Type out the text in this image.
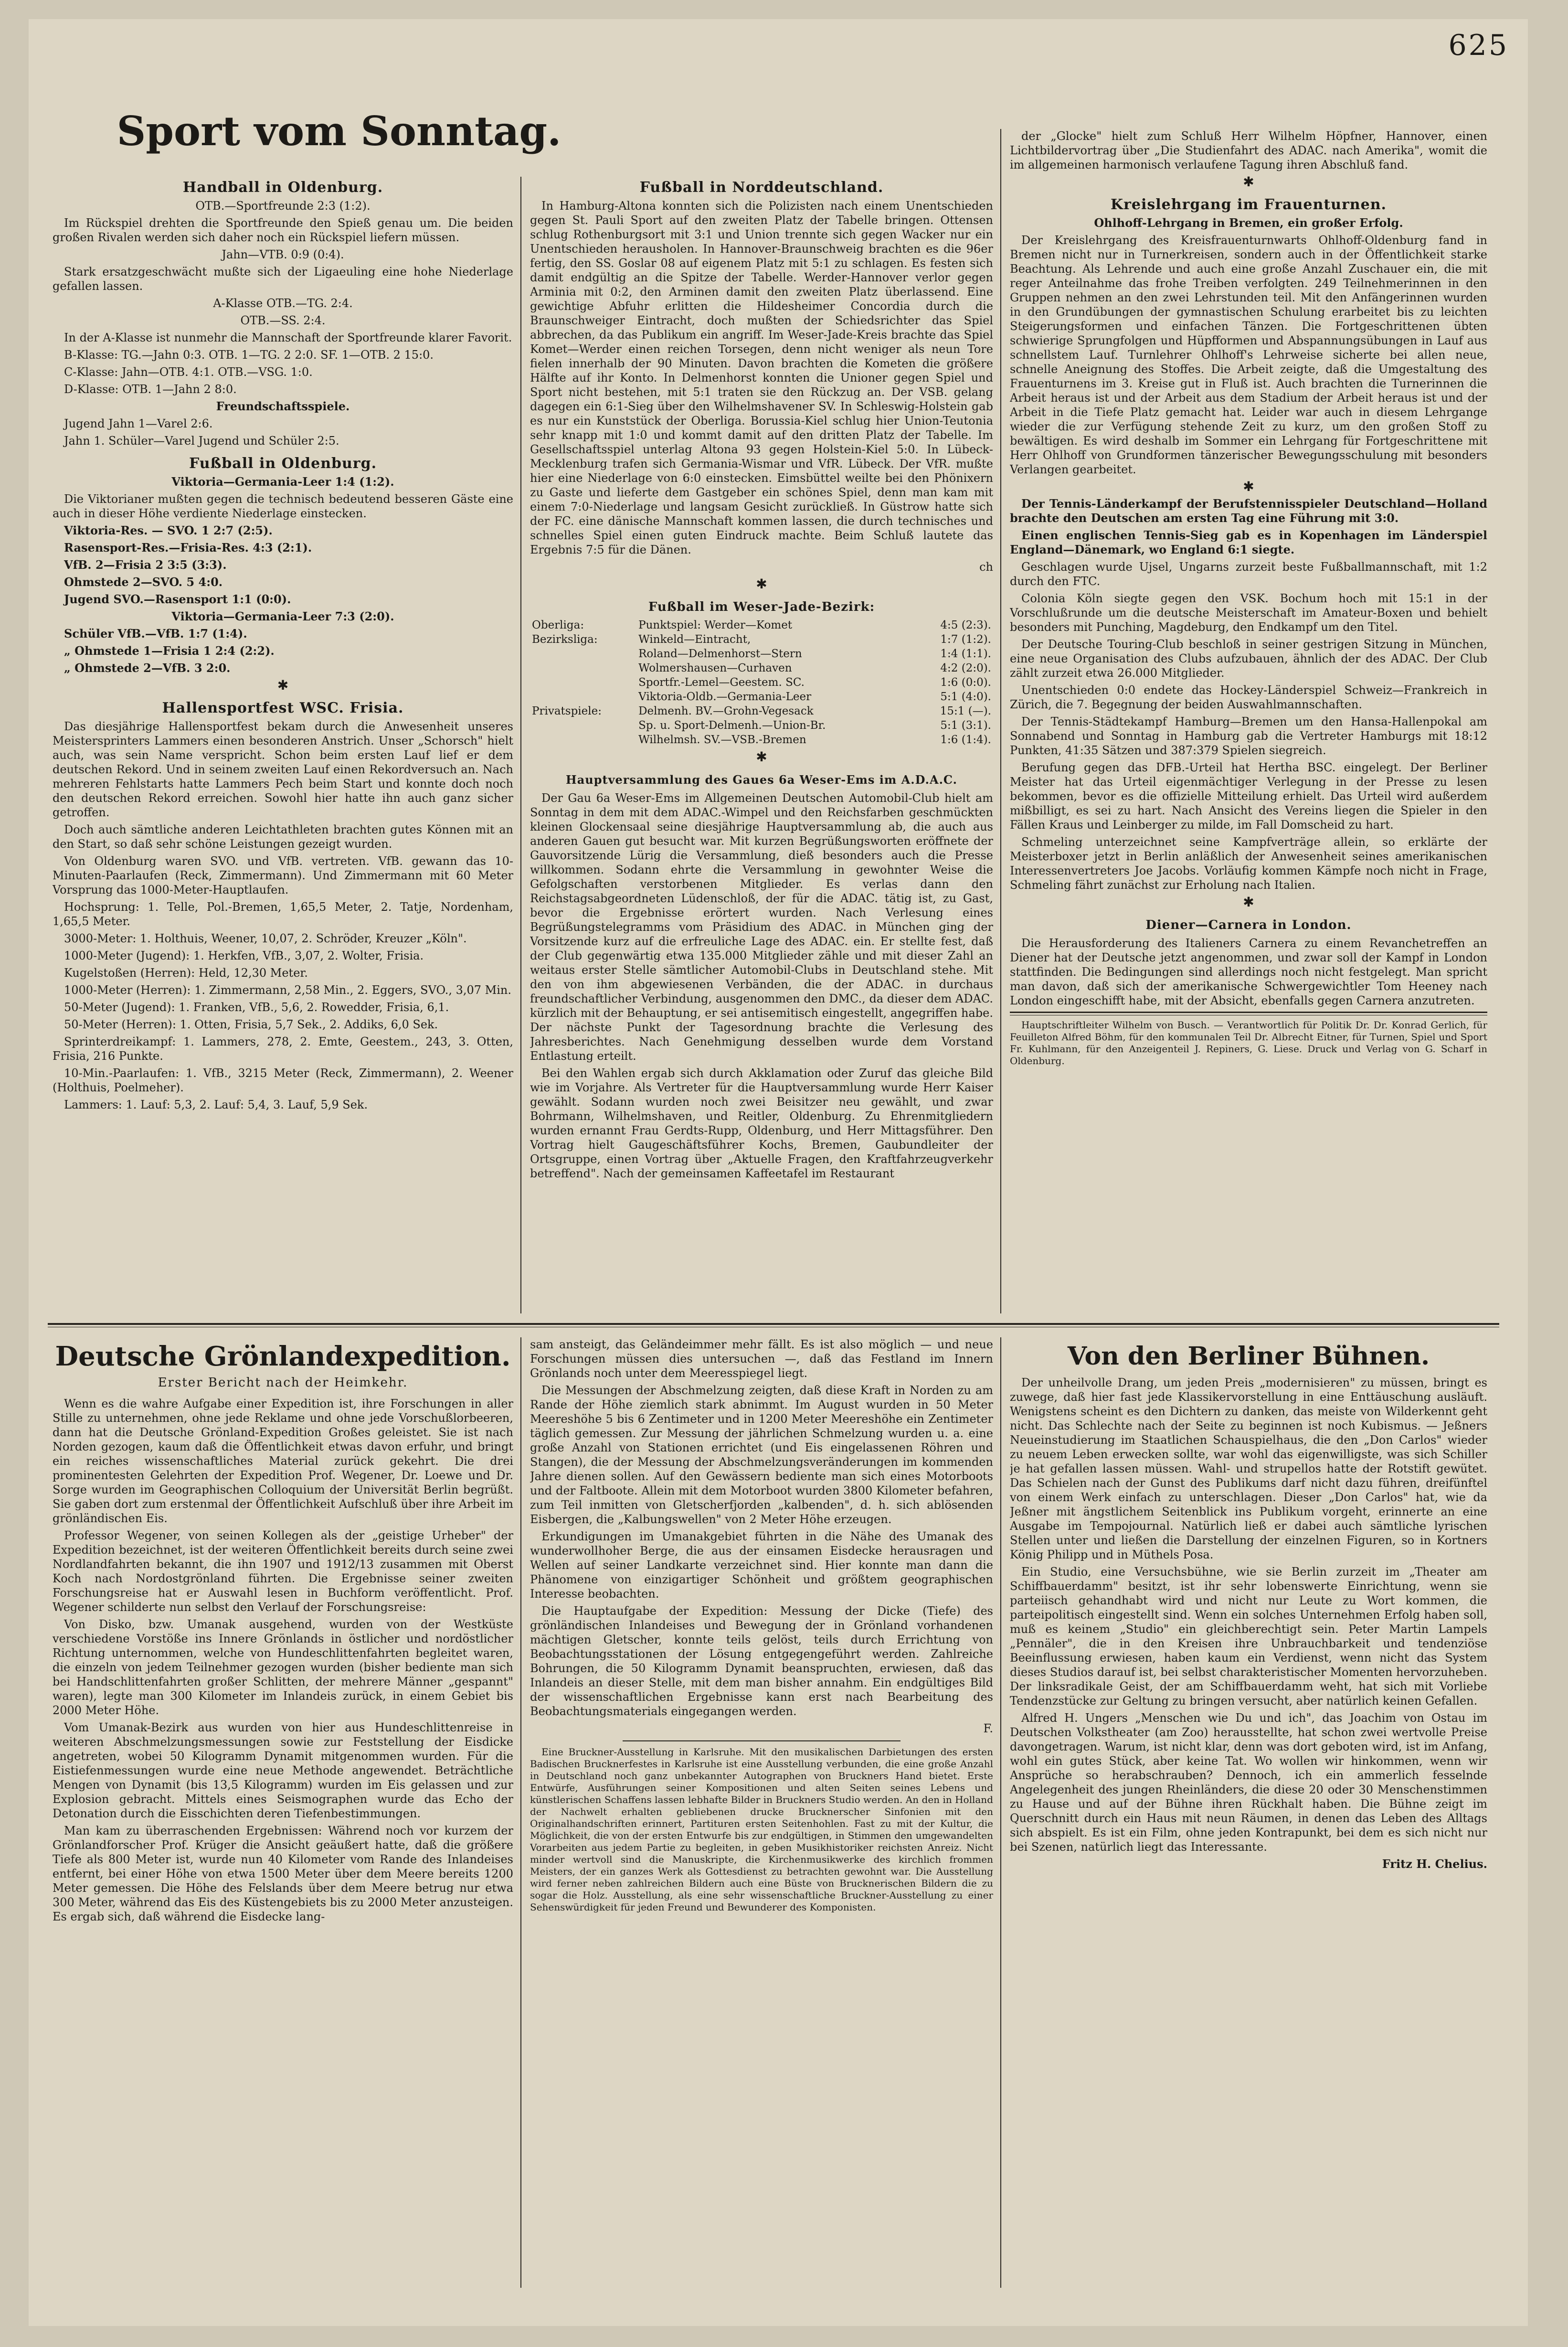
625
Sport vom Sonntag.
Handball in Oldenburg.

OTB.—Sportfreunde 2:3 (1:2).

Im Rückspiel drehten die Sportfreunde den Spieß genau um. Die beiden großen Rivalen werden sich daher noch ein Rückspiel liefern müssen.

Jahn—VTB. 0:9 (0:4).

Stark ersatzgeschwächt mußte sich der Ligaeuling eine hohe Niederlage gefallen lassen.

A-Klasse OTB.—TG. 2:4.

OTB.—SS. 2:4.

In der A-Klasse ist nunmehr die Mannschaft der Sportfreunde klarer Favorit.

B-Klasse: TG.—Jahn 0:3. OTB. 1—TG. 2 2:0. SF. 1—OTB. 2 15:0.

C-Klasse: Jahn—OTB. 4:1. OTB.—VSG. 1:0.

D-Klasse: OTB. 1—Jahn 2 8:0.

Freundschaftsspiele.

Jugend Jahn 1—Varel 2:6.

Jahn 1. Schüler—Varel Jugend und Schüler 2:5.

Fußball in Oldenburg.

Viktoria—Germania-Leer 1:4 (1:2).

Die Viktorianer mußten gegen die technisch bedeutend besseren Gäste eine auch in dieser Höhe verdiente Niederlage einstecken.

Viktoria-Res. — SVO. 1 2:7 (2:5).

Rasensport-Res.—Frisia-Res. 4:3 (2:1).

VfB. 2—Frisia 2 3:5 (3:3).

Ohmstede 2—SVO. 5 4:0.

Jugend SVO.—Rasensport 1:1 (0:0).

Viktoria—Germania-Leer 7:3 (2:0).

Schüler VfB.—VfB. 1:7 (1:4).

„ Ohmstede 1—Frisia 1 2:4 (2:2).

„ Ohmstede 2—VfB. 3 2:0.

✱
Hallensportfest WSC. Frisia.

Das diesjährige Hallensportfest bekam durch die Anwesenheit unseres Meistersprinters Lammers einen besonderen Anstrich. Unser „Schorsch" hielt auch, was sein Name verspricht. Schon beim ersten Lauf lief er dem deutschen Rekord. Und in seinem zweiten Lauf einen Rekordversuch an. Nach mehreren Fehlstarts hatte Lammers Pech beim Start und konnte doch noch den deutschen Rekord erreichen. Sowohl hier hatte ihn auch ganz sicher getroffen.

Doch auch sämtliche anderen Leichtathleten brachten gutes Können mit an den Start, so daß sehr schöne Leistungen gezeigt wurden.

Von Oldenburg waren SVO. und VfB. vertreten. VfB. gewann das 10-Minuten-Paarlaufen (Reck, Zimmermann). Und Zimmermann mit 60 Meter Vorsprung das 1000-Meter-Hauptlaufen.

Hochsprung: 1. Telle, Pol.-Bremen, 1,65,5 Meter, 2. Tatje, Nordenham, 1,65,5 Meter.

3000-Meter: 1. Holthuis, Weener, 10,07, 2. Schröder, Kreuzer „Köln".

1000-Meter (Jugend): 1. Herkfen, VfB., 3,07, 2. Wolter, Frisia.

Kugelstoßen (Herren): Held, 12,30 Meter.

1000-Meter (Herren): 1. Zimmermann, 2,58 Min., 2. Eggers, SVO., 3,07 Min.

50-Meter (Jugend): 1. Franken, VfB., 5,6, 2. Rowedder, Frisia, 6,1.

50-Meter (Herren): 1. Otten, Frisia, 5,7 Sek., 2. Addiks, 6,0 Sek.

Sprinterdreikampf: 1. Lammers, 278, 2. Emte, Geestem., 243, 3. Otten, Frisia, 216 Punkte.

10-Min.-Paarlaufen: 1. VfB., 3215 Meter (Reck, Zimmermann), 2. Weener (Holthuis, Poelmeher).

Lammers: 1. Lauf: 5,3, 2. Lauf: 5,4, 3. Lauf, 5,9 Sek.

Fußball in Norddeutschland.

In Hamburg-Altona konnten sich die Polizisten nach einem Unentschieden gegen St. Pauli Sport auf den zweiten Platz der Tabelle bringen. Ottensen schlug Rothenburgsort mit 3:1 und Union trennte sich gegen Wacker nur ein Unentschieden herausholen. In Hannover-Braunschweig brachten es die 96er fertig, den SS. Goslar 08 auf eigenem Platz mit 5:1 zu schlagen. Es festen sich damit endgültig an die Spitze der Tabelle. Werder-Hannover verlor gegen Arminia mit 0:2, den Arminen damit den zweiten Platz überlassend. Eine gewichtige Abfuhr erlitten die Hildesheimer Concordia durch die Braunschweiger Eintracht, doch mußten der Schiedsrichter das Spiel abbrechen, da das Publikum ein angriff. Im Weser-Jade-Kreis brachte das Spiel Komet—Werder einen reichen Torsegen, denn nicht weniger als neun Tore fielen innerhalb der 90 Minuten. Davon brachten die Kometen die größere Hälfte auf ihr Konto. In Delmenhorst konnten die Unioner gegen Spiel und Sport nicht bestehen, mit 5:1 traten sie den Rückzug an. Der VSB. gelang dagegen ein 6:1-Sieg über den Wilhelmshavener SV. In Schleswig-Holstein gab es nur ein Kunststück der Oberliga. Borussia-Kiel schlug hier Union-Teutonia sehr knapp mit 1:0 und kommt damit auf den dritten Platz der Tabelle. Im Gesellschaftsspiel unterlag Altona 93 gegen Holstein-Kiel 5:0. In Lübeck-Mecklenburg trafen sich Germania-Wismar und VfR. Lübeck. Der VfR. mußte hier eine Niederlage von 6:0 einstecken. Eimsbüttel weilte bei den Phönixern zu Gaste und lieferte dem Gastgeber ein schönes Spiel, denn man kam mit einem 7:0-Niederlage und langsam Gesicht zurückließ. In Güstrow hatte sich der FC. eine dänische Mannschaft kommen lassen, die durch technisches und schnelles Spiel einen guten Eindruck machte. Beim Schluß lautete das Ergebnis 7:5 für die Dänen.

ch

✱
Fußball im Weser-Jade-Bezirk:
Oberliga:	Punktspiel: Werder—Komet	4:5 (2:3).
Bezirksliga:	Winkeld—Eintracht,	1:7 (1:2).
	Roland—Delmenhorst—Stern	1:4 (1:1).
	Wolmershausen—Curhaven	4:2 (2:0).
	Sportfr.-Lemel—Geestem. SC.	1:6 (0:0).
	Viktoria-Oldb.—Germania-Leer	5:1 (4:0).
Privatspiele:	Delmenh. BV.—Grohn-Vegesack	15:1 (—).
	Sp. u. Sport-Delmenh.—Union-Br.	5:1 (3:1).
	Wilhelmsh. SV.—VSB.-Bremen	1:6 (1:4).
✱
Hauptversammlung des Gaues 6a Weser-Ems im A.D.A.C.

Der Gau 6a Weser-Ems im Allgemeinen Deutschen Automobil-Club hielt am Sonntag in dem mit dem ADAC.-Wimpel und den Reichsfarben geschmückten kleinen Glockensaal seine diesjährige Hauptversammlung ab, die auch aus anderen Gauen gut besucht war. Mit kurzen Begrüßungsworten eröffnete der Gauvorsitzende Lürig die Versammlung, dieß besonders auch die Presse willkommen. Sodann ehrte die Versammlung in gewohnter Weise die Gefolgschaften verstorbenen Mitglieder. Es verlas dann den Reichstagsabgeordneten Lüdenschloß, der für die ADAC. tätig ist, zu Gast, bevor die Ergebnisse erörtert wurden. Nach Verlesung eines Begrüßungstelegramms vom Präsidium des ADAC. in München ging der Vorsitzende kurz auf die erfreuliche Lage des ADAC. ein. Er stellte fest, daß der Club gegenwärtig etwa 135.000 Mitglieder zähle und mit dieser Zahl an weitaus erster Stelle sämtlicher Automobil-Clubs in Deutschland stehe. Mit den von ihm abgewiesenen Verbänden, die der ADAC. in durchaus freundschaftlicher Verbindung, ausgenommen den DMC., da dieser dem ADAC. kürzlich mit der Behauptung, er sei antisemitisch eingestellt, angegriffen habe. Der nächste Punkt der Tagesordnung brachte die Verlesung des Jahresberichtes. Nach Genehmigung desselben wurde dem Vorstand Entlastung erteilt.

Bei den Wahlen ergab sich durch Akklamation oder Zuruf das gleiche Bild wie im Vorjahre. Als Vertreter für die Hauptversammlung wurde Herr Kaiser gewählt. Sodann wurden noch zwei Beisitzer neu gewählt, und zwar Bohrmann, Wilhelmshaven, und Reitler, Oldenburg. Zu Ehrenmitgliedern wurden ernannt Frau Gerdts-Rupp, Oldenburg, und Herr Mittagsführer. Den Vortrag hielt Gaugeschäftsführer Kochs, Bremen, Gaubundleiter der Ortsgruppe, einen Vortrag über „Aktuelle Fragen, den Kraftfahrzeugverkehr betreffend". Nach der gemeinsamen Kaffeetafel im Restaurant

der „Glocke" hielt zum Schluß Herr Wilhelm Höpfner, Hannover, einen Lichtbildervortrag über „Die Studienfahrt des ADAC. nach Amerika", womit die im allgemeinen harmonisch verlaufene Tagung ihren Abschluß fand.

✱
Kreislehrgang im Frauenturnen.

Ohlhoff-Lehrgang in Bremen, ein großer Erfolg.

Der Kreislehrgang des Kreisfrauenturnwarts Ohlhoff-Oldenburg fand in Bremen nicht nur in Turnerkreisen, sondern auch in der Öffentlichkeit starke Beachtung. Als Lehrende und auch eine große Anzahl Zuschauer ein, die mit reger Anteilnahme das frohe Treiben verfolgten. 249 Teilnehmerinnen in den Gruppen nehmen an den zwei Lehrstunden teil. Mit den Anfängerinnen wurden in den Grundübungen der gymnastischen Schulung erarbeitet bis zu leichten Steigerungsformen und einfachen Tänzen. Die Fortgeschrittenen übten schwierige Sprungfolgen und Hüpfformen und Abspannungsübungen in Lauf aus schnellstem Lauf. Turnlehrer Ohlhoff's Lehrweise sicherte bei allen neue, schnelle Aneignung des Stoffes. Die Arbeit zeigte, daß die Umgestaltung des Frauenturnens im 3. Kreise gut in Fluß ist. Auch brachten die Turnerinnen die Arbeit heraus ist und der Arbeit aus dem Stadium der Arbeit heraus ist und der Arbeit in die Tiefe Platz gemacht hat. Leider war auch in diesem Lehrgange wieder die zur Verfügung stehende Zeit zu kurz, um den großen Stoff zu bewältigen. Es wird deshalb im Sommer ein Lehrgang für Fortgeschrittene mit Herr Ohlhoff von Grundformen tänzerischer Bewegungsschulung mit besonders Verlangen gearbeitet.

✱

Der Tennis-Länderkampf der Berufstennisspieler Deutschland—Holland brachte den Deutschen am ersten Tag eine Führung mit 3:0.

Einen englischen Tennis-Sieg gab es in Kopenhagen im Länderspiel England—Dänemark, wo England 6:1 siegte.

Geschlagen wurde Ujsel, Ungarns zurzeit beste Fußballmannschaft, mit 1:2 durch den FTC.

Colonia Köln siegte gegen den VSK. Bochum hoch mit 15:1 in der Vorschlußrunde um die deutsche Meisterschaft im Amateur-Boxen und behielt besonders mit Punching, Magdeburg, den Endkampf um den Titel.

Der Deutsche Touring-Club beschloß in seiner gestrigen Sitzung in München, eine neue Organisation des Clubs aufzubauen, ähnlich der des ADAC. Der Club zählt zurzeit etwa 26.000 Mitglieder.

Unentschieden 0:0 endete das Hockey-Länderspiel Schweiz—Frankreich in Zürich, die 7. Begegnung der beiden Auswahlmannschaften.

Der Tennis-Städtekampf Hamburg—Bremen um den Hansa-Hallenpokal am Sonnabend und Sonntag in Hamburg gab die Vertreter Hamburgs mit 18:12 Punkten, 41:35 Sätzen und 387:379 Spielen siegreich.

Berufung gegen das DFB.-Urteil hat Hertha BSC. eingelegt. Der Berliner Meister hat das Urteil eigenmächtiger Verlegung in der Presse zu lesen bekommen, bevor es die offizielle Mitteilung erhielt. Das Urteil wird außerdem mißbilligt, es sei zu hart. Nach Ansicht des Vereins liegen die Spieler in den Fällen Kraus und Leinberger zu milde, im Fall Domscheid zu hart.

Schmeling unterzeichnet seine Kampfverträge allein, so erklärte der Meisterboxer jetzt in Berlin anläßlich der Anwesenheit seines amerikanischen Interessenvertreters Joe Jacobs. Vorläufig kommen Kämpfe noch nicht in Frage, Schmeling fährt zunächst zur Erholung nach Italien.

✱
Diener—Carnera in London.

Die Herausforderung des Italieners Carnera zu einem Revanchetreffen an Diener hat der Deutsche jetzt angenommen, und zwar soll der Kampf in London stattfinden. Die Bedingungen sind allerdings noch nicht festgelegt. Man spricht man davon, daß sich der amerikanische Schwergewichtler Tom Heeney nach London eingeschifft habe, mit der Absicht, ebenfalls gegen Carnera anzutreten.

Hauptschriftleiter Wilhelm von Busch. — Verantwortlich für Politik Dr. Dr. Konrad Gerlich, für Feuilleton Alfred Böhm, für den kommunalen Teil Dr. Albrecht Eitner, für Turnen, Spiel und Sport Fr. Kuhlmann, für den Anzeigenteil J. Repiners, G. Liese. Druck und Verlag von G. Scharf in Oldenburg.

Deutsche Grönlandexpedition.

Erster Bericht nach der Heimkehr.

Wenn es die wahre Aufgabe einer Expedition ist, ihre Forschungen in aller Stille zu unternehmen, ohne jede Reklame und ohne jede Vorschußlorbeeren, dann hat die Deutsche Grönland-Expedition Großes geleistet. Sie ist nach Norden gezogen, kaum daß die Öffentlichkeit etwas davon erfuhr, und bringt ein reiches wissenschaftliches Material zurück gekehrt. Die drei prominentesten Gelehrten der Expedition Prof. Wegener, Dr. Loewe und Dr. Sorge wurden im Geographischen Colloquium der Universität Berlin begrüßt. Sie gaben dort zum erstenmal der Öffentlichkeit Aufschluß über ihre Arbeit im grönländischen Eis.

Professor Wegener, von seinen Kollegen als der „geistige Urheber" der Expedition bezeichnet, ist der weiteren Öffentlichkeit bereits durch seine zwei Nordlandfahrten bekannt, die ihn 1907 und 1912/13 zusammen mit Oberst Koch nach Nordostgrönland führten. Die Ergebnisse seiner zweiten Forschungsreise hat er Auswahl lesen in Buchform veröffentlicht. Prof. Wegener schilderte nun selbst den Verlauf der Forschungsreise:

Von Disko, bzw. Umanak ausgehend, wurden von der Westküste verschiedene Vorstöße ins Innere Grönlands in östlicher und nordöstlicher Richtung unternommen, welche von Hundeschlittenfahrten begleitet waren, die einzeln von jedem Teilnehmer gezogen wurden (bisher bediente man sich bei Handschlittenfahrten großer Schlitten, der mehrere Männer „gespannt" waren), legte man 300 Kilometer im Inlandeis zurück, in einem Gebiet bis 2000 Meter Höhe.

Vom Umanak-Bezirk aus wurden von hier aus Hundeschlittenreise in weiteren Abschmelzungsmessungen sowie zur Feststellung der Eisdicke angetreten, wobei 50 Kilogramm Dynamit mitgenommen wurden. Für die Eistiefenmessungen wurde eine neue Methode angewendet. Beträchtliche Mengen von Dynamit (bis 13,5 Kilogramm) wurden im Eis gelassen und zur Explosion gebracht. Mittels eines Seismographen wurde das Echo der Detonation durch die Eisschichten deren Tiefenbestimmungen.

Man kam zu überraschenden Ergebnissen: Während noch vor kurzem der Grönlandforscher Prof. Krüger die Ansicht geäußert hatte, daß die größere Tiefe als 800 Meter ist, wurde nun 40 Kilometer vom Rande des Inlandeises entfernt, bei einer Höhe von etwa 1500 Meter über dem Meere bereits 1200 Meter gemessen. Die Höhe des Felslands über dem Meere betrug nur etwa 300 Meter, während das Eis des Küstengebiets bis zu 2000 Meter anzusteigen. Es ergab sich, daß während die Eisdecke lang-

sam ansteigt, das Geländeimmer mehr fällt. Es ist also möglich — und neue Forschungen müssen dies untersuchen —, daß das Festland im Innern Grönlands noch unter dem Meeresspiegel liegt.

Die Messungen der Abschmelzung zeigten, daß diese Kraft in Norden zu am Rande der Höhe ziemlich stark abnimmt. Im August wurden in 50 Meter Meereshöhe 5 bis 6 Zentimeter und in 1200 Meter Meereshöhe ein Zentimeter täglich gemessen. Zur Messung der jährlichen Schmelzung wurden u. a. eine große Anzahl von Stationen errichtet (und Eis eingelassenen Röhren und Stangen), die der Messung der Abschmelzungsveränderungen im kommenden Jahre dienen sollen. Auf den Gewässern bediente man sich eines Motorboots und der Faltboote. Allein mit dem Motorboot wurden 3800 Kilometer befahren, zum Teil inmitten von Gletscherfjorden „kalbenden", d. h. sich ablösenden Eisbergen, die „Kalbungswellen" von 2 Meter Höhe erzeugen.

Erkundigungen im Umanakgebiet führten in die Nähe des Umanak des wunderwollhoher Berge, die aus der einsamen Eisdecke herausragen und Wellen auf seiner Landkarte verzeichnet sind. Hier konnte man dann die Phänomene von einzigartiger Schönheit und größtem geographischen Interesse beobachten.

Die Hauptaufgabe der Expedition: Messung der Dicke (Tiefe) des grönländischen Inlandeises und Bewegung der in Grönland vorhandenen mächtigen Gletscher, konnte teils gelöst, teils durch Errichtung von Beobachtungsstationen der Lösung entgegengeführt werden. Zahlreiche Bohrungen, die 50 Kilogramm Dynamit beanspruchten, erwiesen, daß das Inlandeis an dieser Stelle, mit dem man bisher annahm. Ein endgültiges Bild der wissenschaftlichen Ergebnisse kann erst nach Bearbeitung des Beobachtungsmaterials eingegangen werden.

F.

Eine Bruckner-Ausstellung in Karlsruhe. Mit den musikalischen Darbietungen des ersten Badischen Brucknerfestes in Karlsruhe ist eine Ausstellung verbunden, die eine große Anzahl in Deutschland noch ganz unbekannter Autographen von Bruckners Hand bietet. Erste Entwürfe, Ausführungen seiner Kompositionen und alten Seiten seines Lebens und künstlerischen Schaffens lassen lebhafte Bilder in Bruckners Studio werden. An den in Holland der Nachwelt erhalten gebliebenen drucke Brucknerscher Sinfonien mit den Originalhandschriften erinnert, Partituren ersten Seitenhohlen. Fast zu mit der Kultur, die Möglichkeit, die von der ersten Entwurfe bis zur endgültigen, in Stimmen den umgewandelten Vorarbeiten aus jedem Partie zu begleiten, in geben Musikhistoriker reichsten Anreiz. Nicht minder wertvoll sind die Manuskripte, die Kirchenmusikwerke des kirchlich frommen Meisters, der ein ganzes Werk als Gottesdienst zu betrachten gewohnt war. Die Ausstellung wird ferner neben zahlreichen Bildern auch eine Büste von Brucknerischen Bildern die zu sogar die Holz. Ausstellung, als eine sehr wissenschaftliche Bruckner-Ausstellung zu einer Sehenswürdigkeit für jeden Freund und Bewunderer des Komponisten.

Von den Berliner Bühnen.

Der unheilvolle Drang, um jeden Preis „modernisieren" zu müssen, bringt es zuwege, daß hier fast jede Klassikervorstellung in eine Enttäuschung ausläuft. Wenigstens scheint es den Dichtern zu danken, das meiste von Wilderkennt geht nicht. Das Schlechte nach der Seite zu beginnen ist noch Kubismus. — Jeßners Neueinstudierung im Staatlichen Schauspielhaus, die den „Don Carlos" wieder zu neuem Leben erwecken sollte, war wohl das eigenwilligste, was sich Schiller je hat gefallen lassen müssen. Wahl- und strupellos hatte der Rotstift gewütet. Das Schielen nach der Gunst des Publikums darf nicht dazu führen, dreifünftel von einem Werk einfach zu unterschlagen. Dieser „Don Carlos" hat, wie da Jeßner mit ängstlichem Seitenblick ins Publikum vorgeht, erinnerte an eine Ausgabe im Tempojournal. Natürlich ließ er dabei auch sämtliche lyrischen Stellen unter und ließen die Darstellung der einzelnen Figuren, so in Kortners König Philipp und in Müthels Posa.

Ein Studio, eine Versuchsbühne, wie sie Berlin zurzeit im „Theater am Schiffbauerdamm" besitzt, ist ihr sehr lobenswerte Einrichtung, wenn sie parteiisch gehandhabt wird und nicht nur Leute zu Wort kommen, die parteipolitisch eingestellt sind. Wenn ein solches Unternehmen Erfolg haben soll, muß es keinem „Studio" ein gleichberechtigt sein. Peter Martin Lampels „Pennäler", die in den Kreisen ihre Unbrauchbarkeit und tendenziöse Beeinflussung erwiesen, haben kaum ein Verdienst, wenn nicht das System dieses Studios darauf ist, bei selbst charakteristischer Momenten hervorzuheben. Der linksradikale Geist, der am Schiffbauerdamm weht, hat sich mit Vorliebe Tendenzstücke zur Geltung zu bringen versucht, aber natürlich keinen Gefallen.

Alfred H. Ungers „Menschen wie Du und ich", das Joachim von Ostau im Deutschen Volkstheater (am Zoo) herausstellte, hat schon zwei wertvolle Preise davongetragen. Warum, ist nicht klar, denn was dort geboten wird, ist im Anfang, wohl ein gutes Stück, aber keine Tat. Wo wollen wir hinkommen, wenn wir Ansprüche so herabschrauben? Dennoch, ich ein ammerlich fesselnde Angelegenheit des jungen Rheinländers, die diese 20 oder 30 Menschenstimmen zu Hause und auf der Bühne ihren Rückhalt haben. Die Bühne zeigt im Querschnitt durch ein Haus mit neun Räumen, in denen das Leben des Alltags sich abspielt. Es ist ein Film, ohne jeden Kontrapunkt, bei dem es sich nicht nur bei Szenen, natürlich liegt das Interessante.

Fritz H. Chelius.
